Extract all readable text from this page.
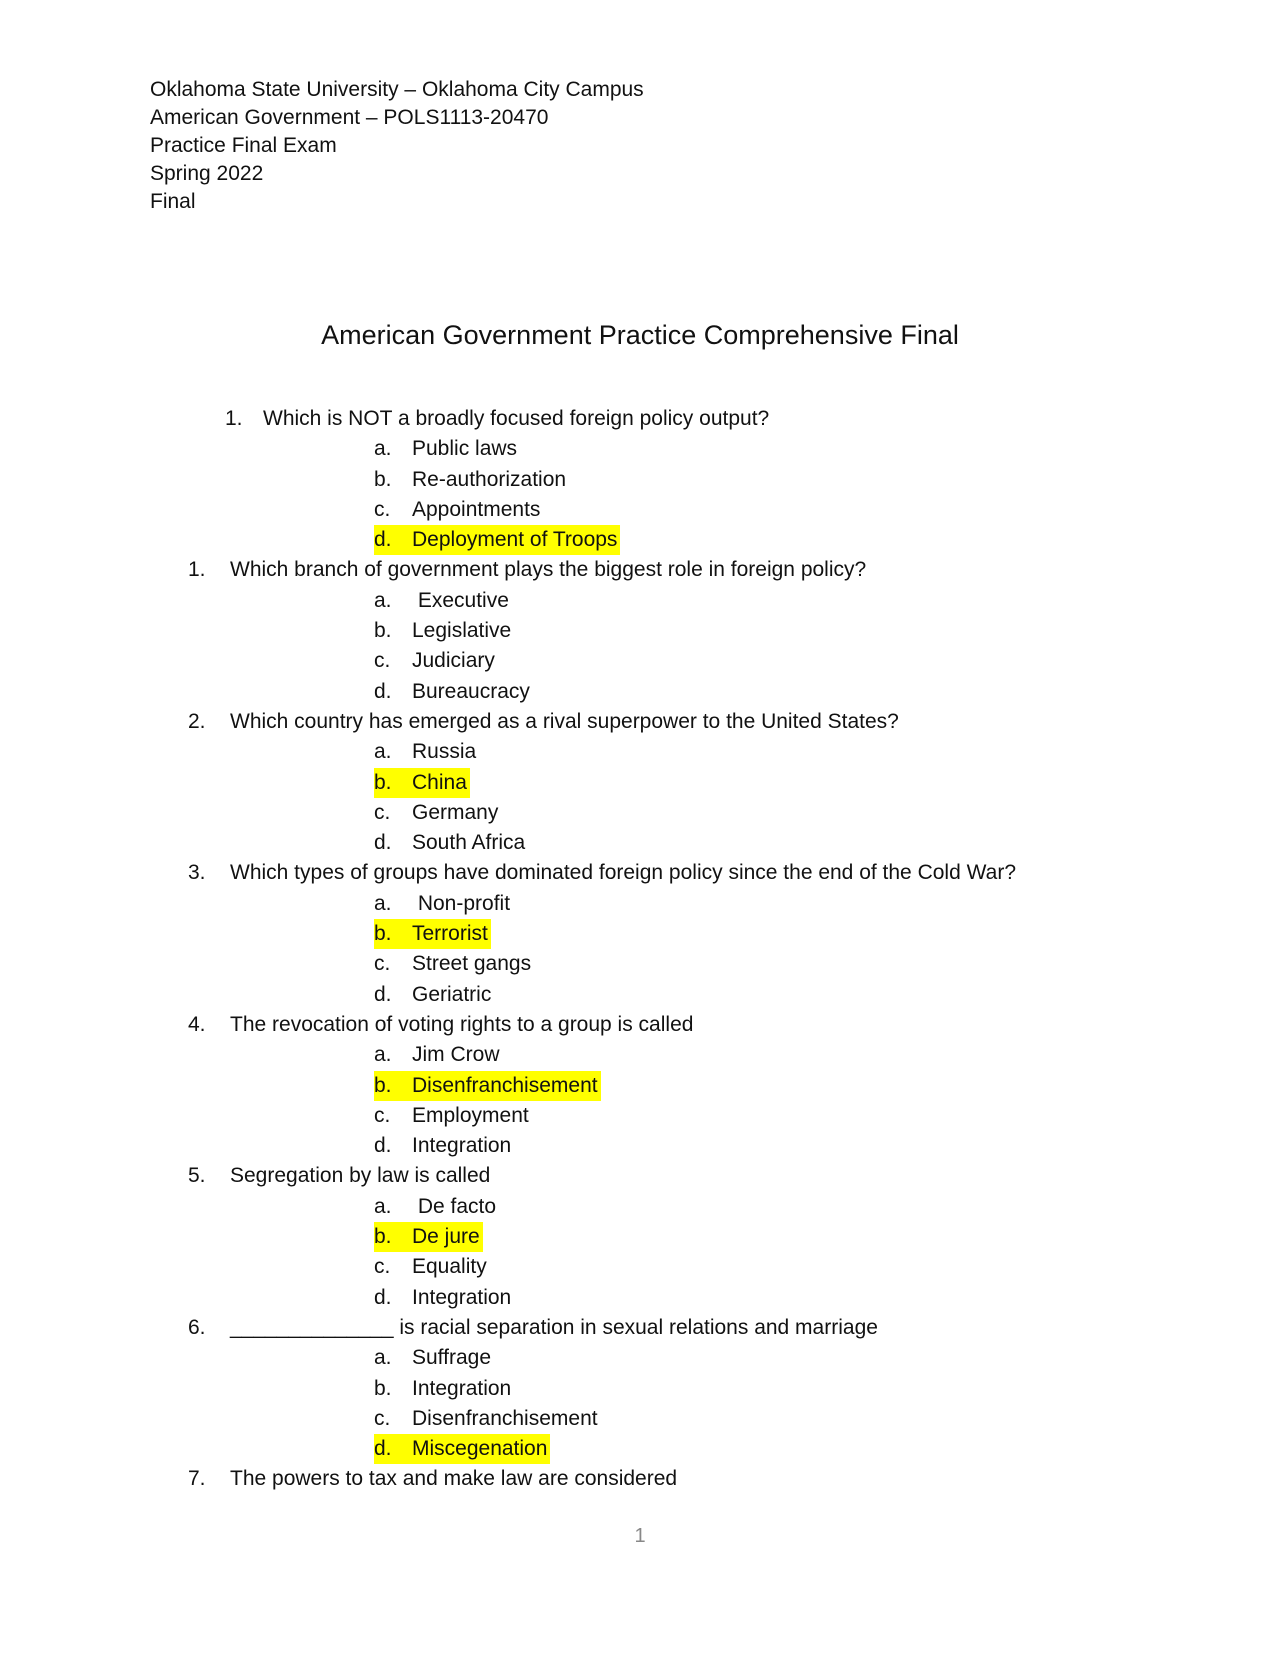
Oklahoma State University – Oklahoma City Campus
American Government – POLS1113-20470
Practice Final Exam
Spring 2022
Final
American Government Practice Comprehensive Final
1. Which is NOT a broadly focused foreign policy output?
a. Public laws
b. Re-authorization
c. Appointments
d. Deployment of Troops
1.	Which branch of government plays the biggest role in foreign policy?
a. Executive
b. Legislative
c. Judiciary
d. Bureaucracy
2.	Which country has emerged as a rival superpower to the United States?
a. Russia
b. China
c. Germany
d. South Africa
3.	Which types of groups have dominated foreign policy since the end of the Cold War?
a. Non-profit
b. Terrorist
c. Street gangs
d. Geriatric
4.	The revocation of voting rights to a group is called
a. Jim Crow
b. Disenfranchisement
c. Employment
d. Integration
5.	Segregation by law is called
a. De facto
b. De jure
c. Equality
d. Integration
6.	______________ is racial separation in sexual relations and marriage
a. Suffrage
b. Integration
c. Disenfranchisement
d. Miscegenation
7.	The powers to tax and make law are considered
1
